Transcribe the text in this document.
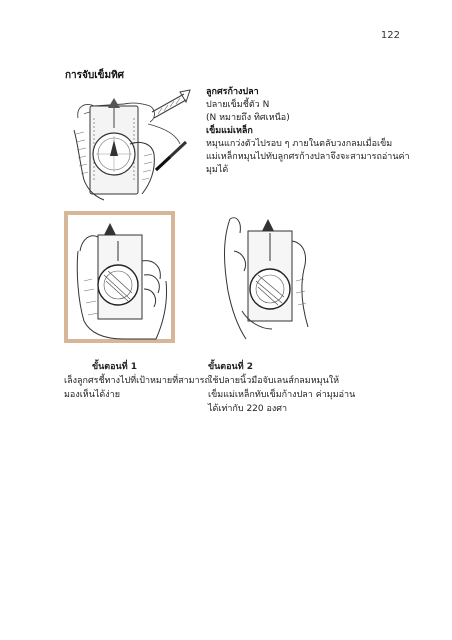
122
การจับเข็มทิศ
ลูกศรก้างปลา
ปลายเข็มชี้ตัว N
(N หมายถึง ทิศเหนือ)
เข็มแม่เหล็ก
หมุนแกว่งตัวไปรอบ ๆ ภายในตลับวงกลมเมื่อเข็ม
แม่เหล็กหมุนไปทับลูกศรก้างปลาจึงจะสามารถอ่านค่า
มุมได้
ขั้นตอนที่ 1
เล็งลูกศรชี้ทางไปที่เป้าหมายที่สามารถ
มองเห็นได้ง่าย
ขั้นตอนที่ 2
ใช้ปลายนิ้วมือจับเลนส์กลมหมุนให้
เข็มแม่เหล็กทับเข็มก้างปลา ค่ามุมอ่าน
ได้เท่ากับ 220 องศา
